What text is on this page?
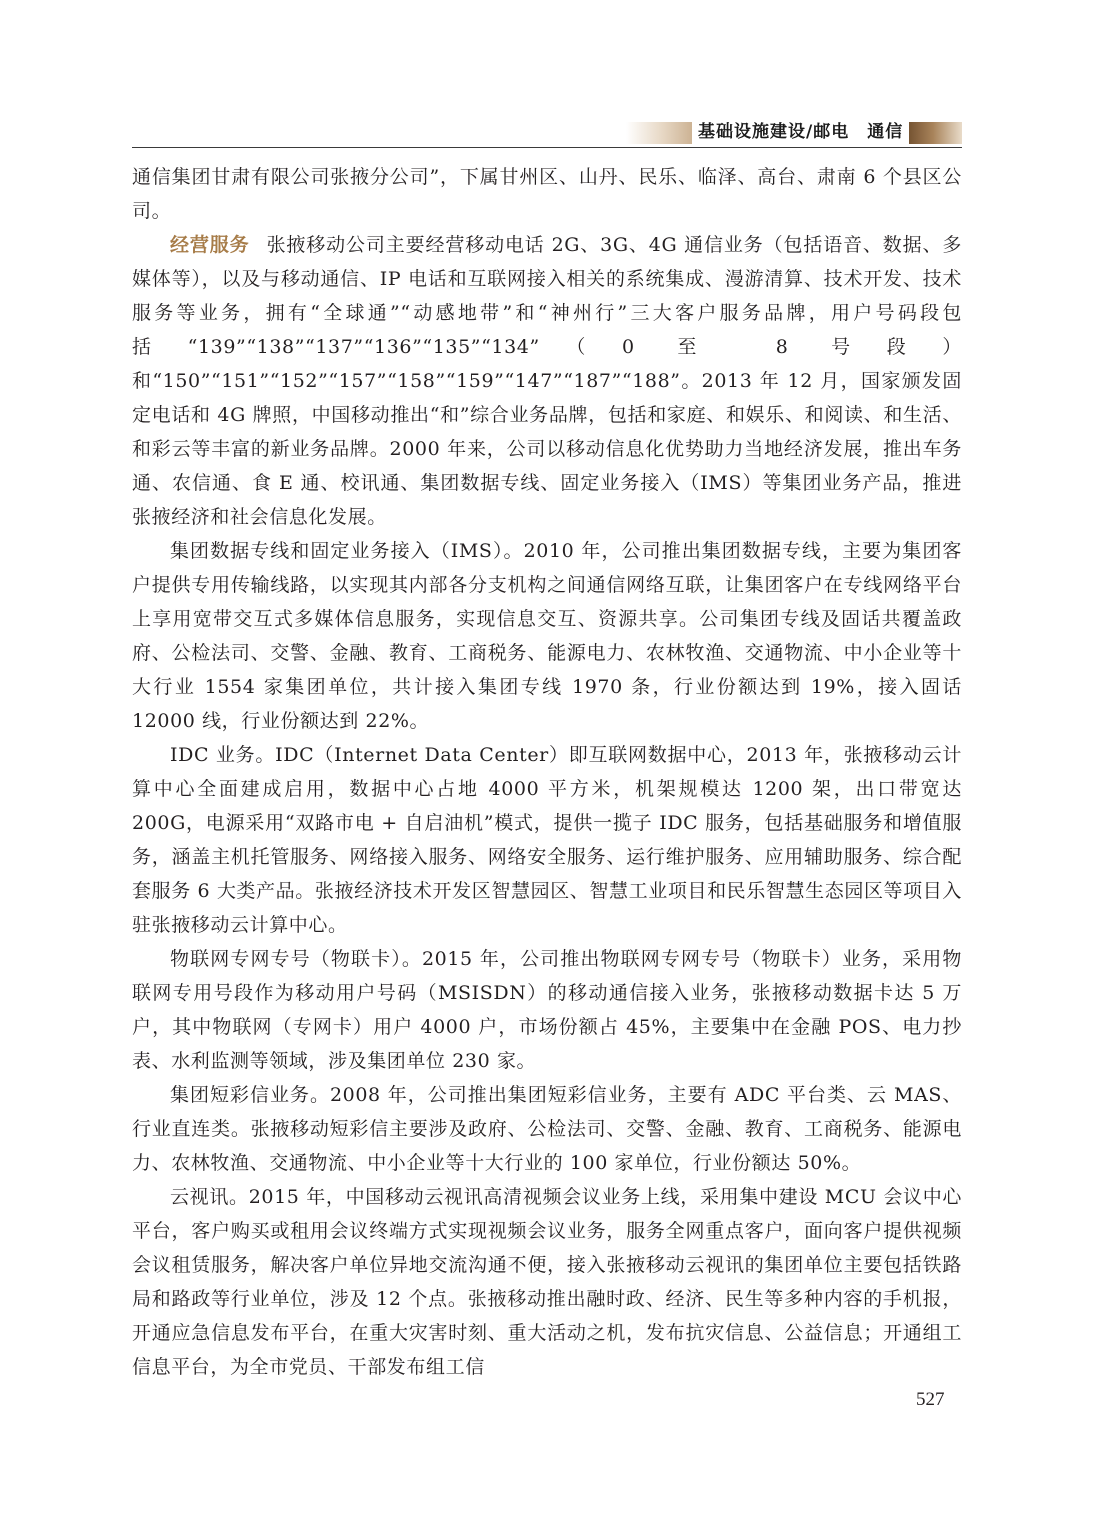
基础设施建设/邮电　通信

通信集团甘肃有限公司张掖分公司”，下属甘州区、山丹、民乐、临泽、高台、肃南 6 个县区公司。

经营服务 张掖移动公司主要经营移动电话 2G、3G、4G 通信业务（包括语音、数据、多媒体等），以及与移动通信、IP 电话和互联网接入相关的系统集成、漫游清算、技术开发、技术服务等业务，拥有“全球通”“动感地带”和“神州行”三大客户服务品牌，用户号码段包括“139”“138”“137”“136”“135”“134”（0 至 8 号段）和“150”“151”“152”“157”“158”“159”“147”“187”“188”。2013 年 12 月，国家颁发固定电话和 4G 牌照，中国移动推出“和”综合业务品牌，包括和家庭、和娱乐、和阅读、和生活、和彩云等丰富的新业务品牌。2000 年来，公司以移动信息化优势助力当地经济发展，推出车务通、农信通、食 E 通、校讯通、集团数据专线、固定业务接入（IMS）等集团业务产品，推进张掖经济和社会信息化发展。

集团数据专线和固定业务接入（IMS）。2010 年，公司推出集团数据专线，主要为集团客户提供专用传输线路，以实现其内部各分支机构之间通信网络互联，让集团客户在专线网络平台上享用宽带交互式多媒体信息服务，实现信息交互、资源共享。公司集团专线及固话共覆盖政府、公检法司、交警、金融、教育、工商税务、能源电力、农林牧渔、交通物流、中小企业等十大行业 1554 家集团单位，共计接入集团专线 1970 条，行业份额达到 19%，接入固话 12000 线，行业份额达到 22%。

IDC 业务。IDC（Internet Data Center）即互联网数据中心，2013 年，张掖移动云计算中心全面建成启用，数据中心占地 4000 平方米，机架规模达 1200 架，出口带宽达 200G，电源采用“双路市电 + 自启油机”模式，提供一揽子 IDC 服务，包括基础服务和增值服务，涵盖主机托管服务、网络接入服务、网络安全服务、运行维护服务、应用辅助服务、综合配套服务 6 大类产品。张掖经济技术开发区智慧园区、智慧工业项目和民乐智慧生态园区等项目入驻张掖移动云计算中心。

物联网专网专号（物联卡）。2015 年，公司推出物联网专网专号（物联卡）业务，采用物联网专用号段作为移动用户号码（MSISDN）的移动通信接入业务，张掖移动数据卡达 5 万户，其中物联网（专网卡）用户 4000 户，市场份额占 45%，主要集中在金融 POS、电力抄表、水利监测等领域，涉及集团单位 230 家。

集团短彩信业务。2008 年，公司推出集团短彩信业务，主要有 ADC 平台类、云 MAS、行业直连类。张掖移动短彩信主要涉及政府、公检法司、交警、金融、教育、工商税务、能源电力、农林牧渔、交通物流、中小企业等十大行业的 100 家单位，行业份额达 50%。

云视讯。2015 年，中国移动云视讯高清视频会议业务上线，采用集中建设 MCU 会议中心平台，客户购买或租用会议终端方式实现视频会议业务，服务全网重点客户，面向客户提供视频会议租赁服务，解决客户单位异地交流沟通不便，接入张掖移动云视讯的集团单位主要包括铁路局和路政等行业单位，涉及 12 个点。张掖移动推出融时政、经济、民生等多种内容的手机报，开通应急信息发布平台，在重大灾害时刻、重大活动之机，发布抗灾信息、公益信息；开通组工信息平台，为全市党员、干部发布组工信

527
